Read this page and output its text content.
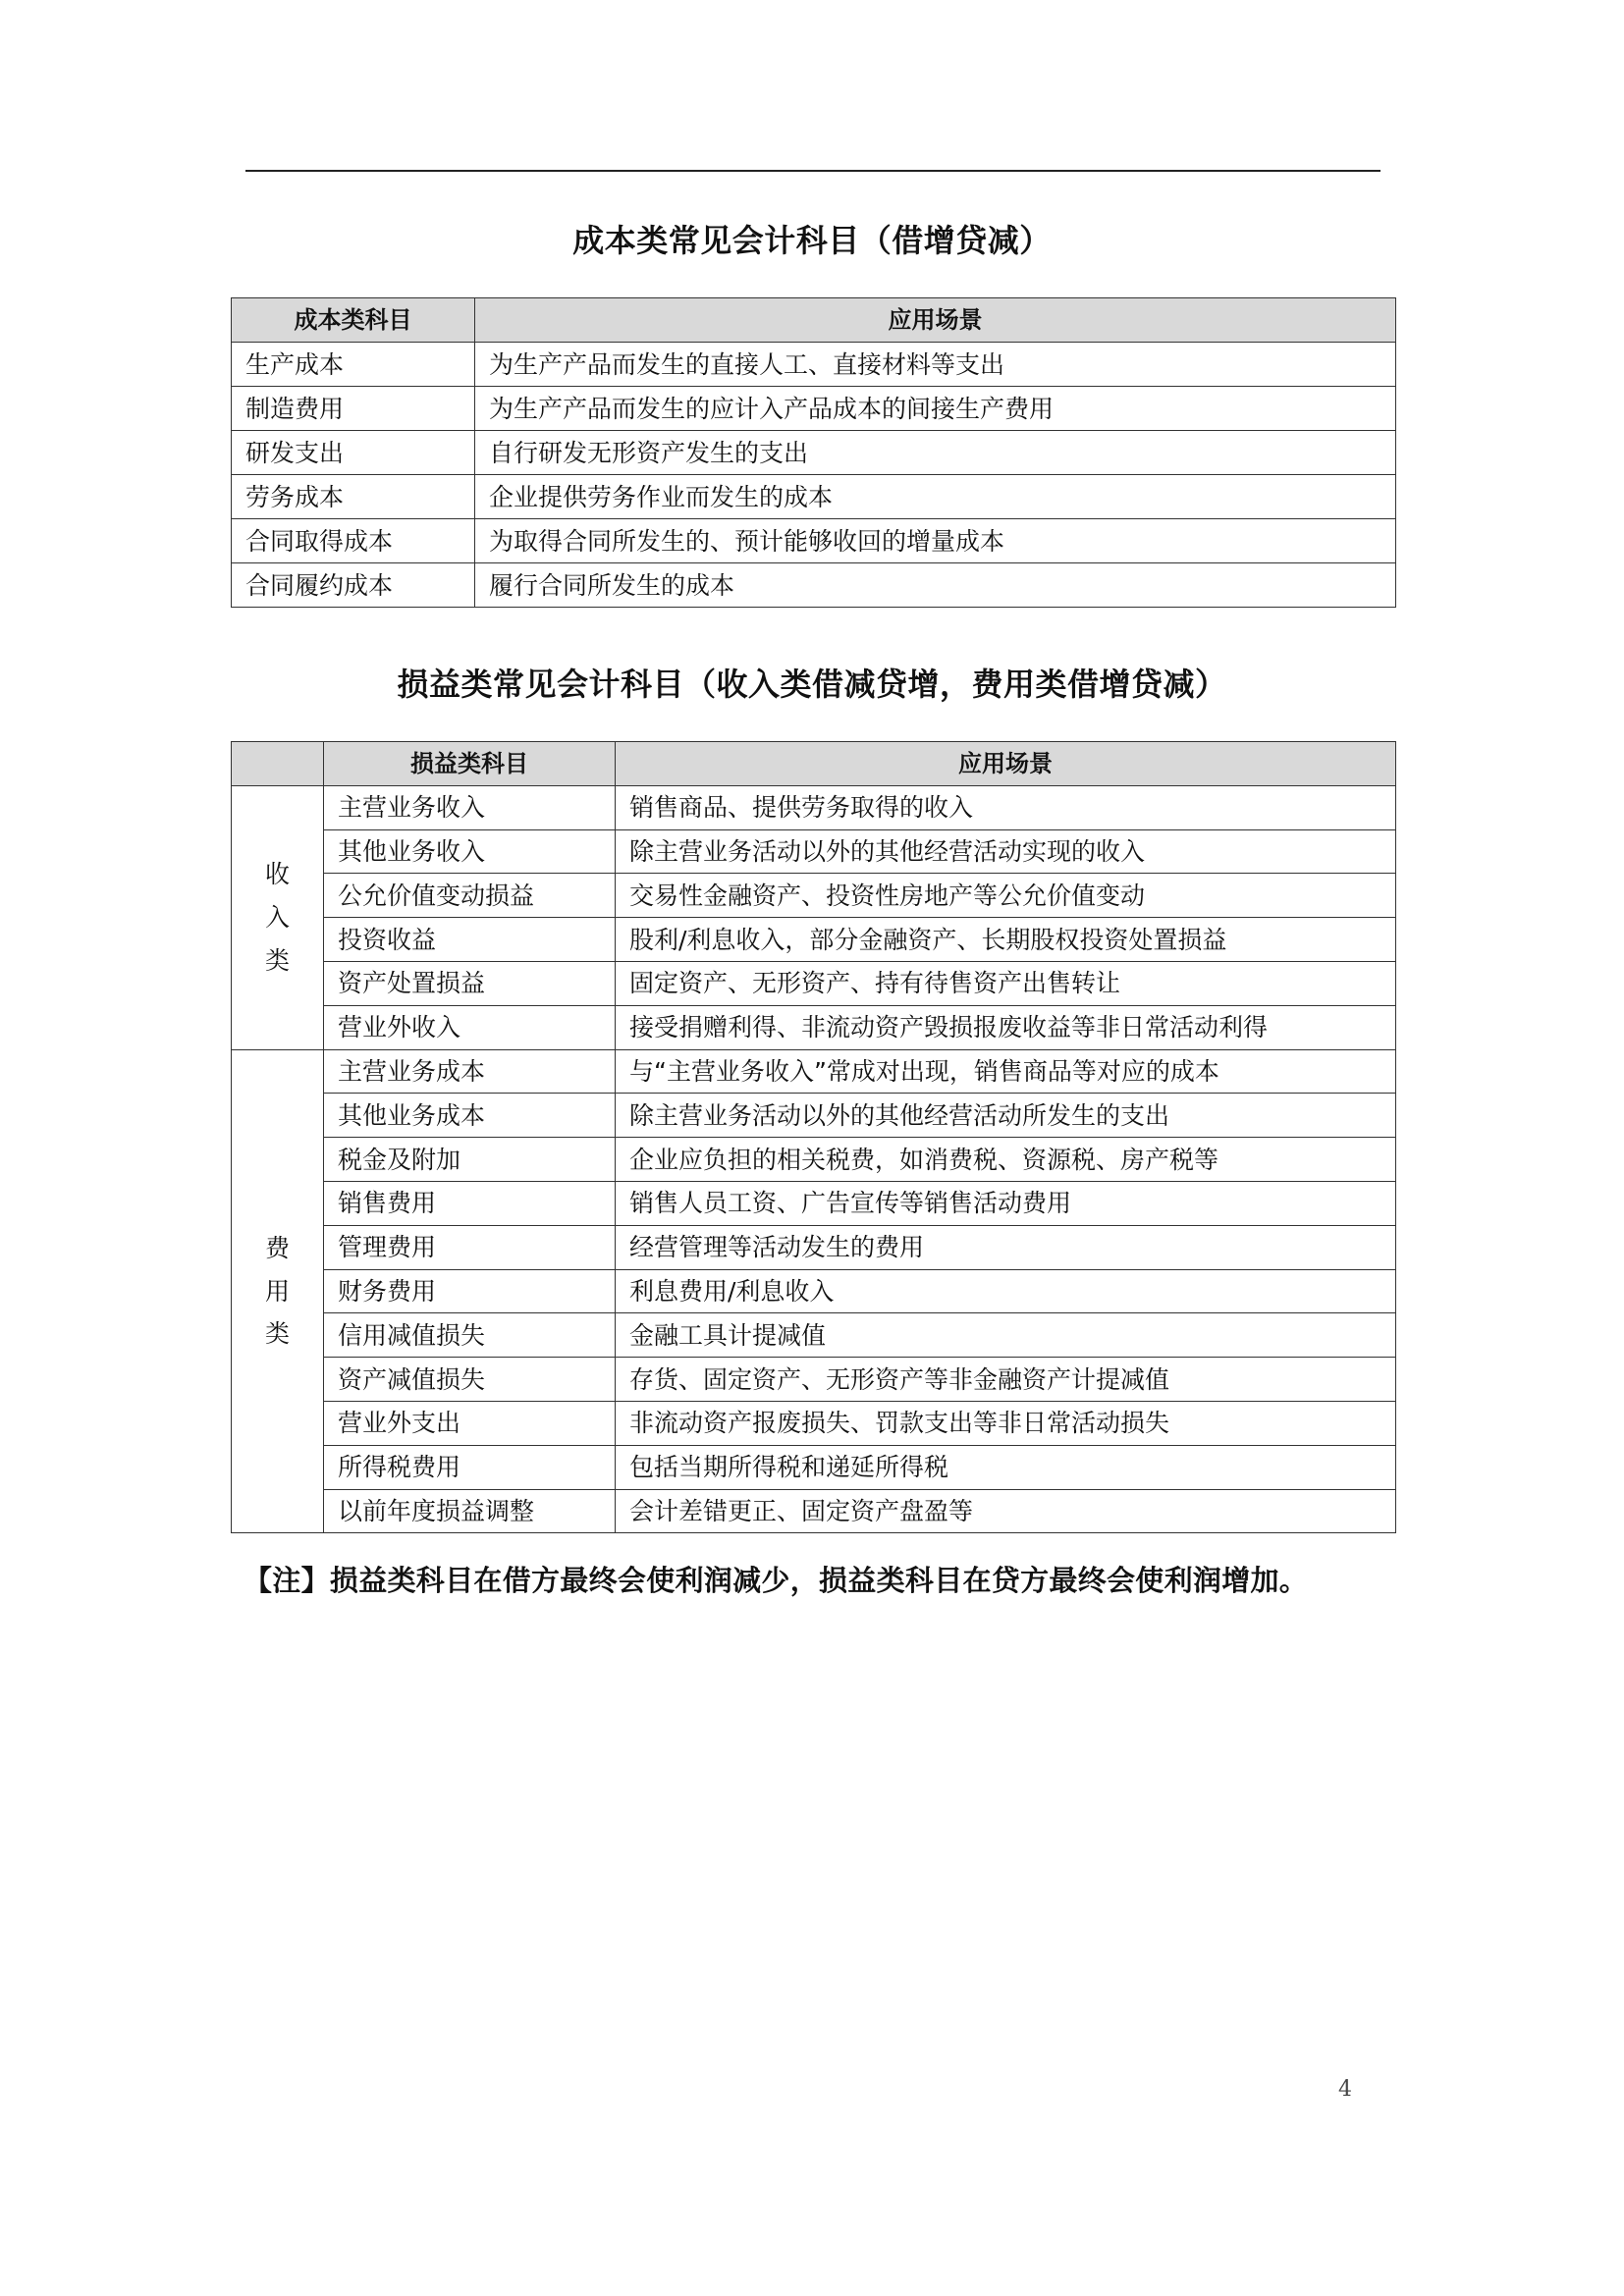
成本类常见会计科目（借增贷减）
成本类科目	应用场景
生产成本	为生产产品而发生的直接人工、直接材料等支出
制造费用	为生产产品而发生的应计入产品成本的间接生产费用
研发支出	自行研发无形资产发生的支出
劳务成本	企业提供劳务作业而发生的成本
合同取得成本	为取得合同所发生的、预计能够收回的增量成本
合同履约成本	履行合同所发生的成本
损益类常见会计科目（收入类借减贷增，费用类借增贷减）
	损益类科目	应用场景
收入类	主营业务收入	销售商品、提供劳务取得的收入
	其他业务收入	除主营业务活动以外的其他经营活动实现的收入
	公允价值变动损益	交易性金融资产、投资性房地产等公允价值变动
	投资收益	股利/利息收入，部分金融资产、长期股权投资处置损益
	资产处置损益	固定资产、无形资产、持有待售资产出售转让
	营业外收入	接受捐赠利得、非流动资产毁损报废收益等非日常活动利得
费用类	主营业务成本	与“主营业务收入”常成对出现，销售商品等对应的成本
	其他业务成本	除主营业务活动以外的其他经营活动所发生的支出
	税金及附加	企业应负担的相关税费，如消费税、资源税、房产税等
	销售费用	销售人员工资、广告宣传等销售活动费用
	管理费用	经营管理等活动发生的费用
	财务费用	利息费用/利息收入
	信用减值损失	金融工具计提减值
	资产减值损失	存货、固定资产、无形资产等非金融资产计提减值
	营业外支出	非流动资产报废损失、罚款支出等非日常活动损失
	所得税费用	包括当期所得税和递延所得税
	以前年度损益调整	会计差错更正、固定资产盘盈等
【注】损益类科目在借方最终会使利润减少，损益类科目在贷方最终会使利润增加。
4
